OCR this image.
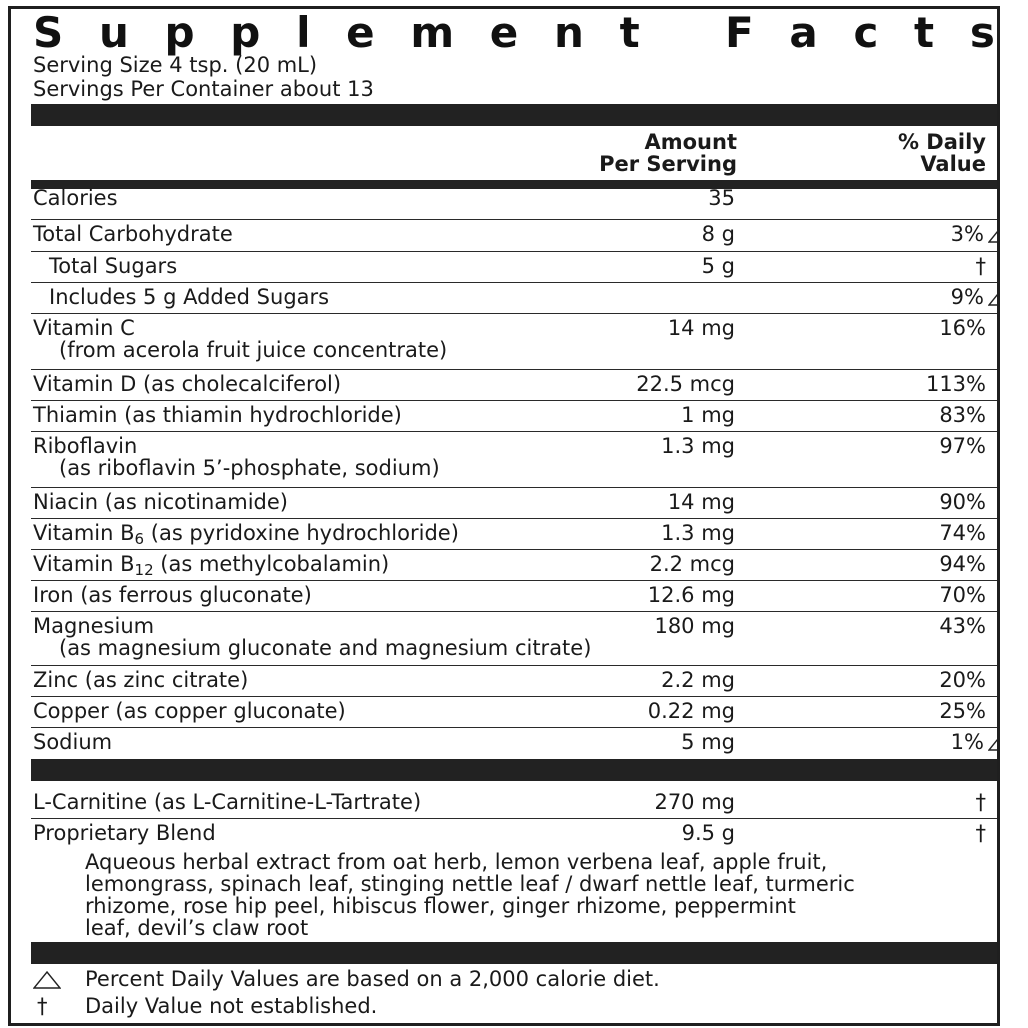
S u p p l e m e n t F a c t s
Serving Size 4 tsp. (20 mL)
Servings Per Container about 13
Amount
Per Serving
% Daily
Value
Calories	35
Total Carbohydrate	8 g	3%
Total Sugars	5 g	†
Includes 5 g Added Sugars	9%
Vitamin C
(from acerola fruit juice concentrate)
14 mg	16%
Vitamin D (as cholecalciferol)	22.5 mcg	113%
Thiamin (as thiamin hydrochloride)	1 mg	83%
Riboflavin
(as riboflavin 5’-phosphate, sodium)
1.3 mg	97%
Niacin (as nicotinamide)	14 mg	90%
Vitamin $B_6$ (as pyridoxine hydrochloride)	1.3 mg	74%
Vitamin $B_{12}$ (as methylcobalamin)	2.2 mcg	94%
Iron (as ferrous gluconate)	12.6 mg	70%
Magnesium
(as magnesium gluconate and magnesium citrate)
180 mg	43%
Zinc (as zinc citrate)	2.2 mg	20%
Copper (as copper gluconate)	0.22 mg	25%
Sodium	5 mg	1%
L-Carnitine (as L-Carnitine-L-Tartrate)	270 mg	†
Proprietary Blend	9.5 g	†
Aqueous herbal extract from oat herb, lemon verbena leaf, apple fruit,
lemongrass, spinach leaf, stinging nettle leaf / dwarf nettle leaf, turmeric
rhizome, rose hip peel, hibiscus flower, ginger rhizome, peppermint
leaf, devil’s claw root
Percent Daily Values are based on a 2,000 calorie diet.
†	Daily Value not established.
